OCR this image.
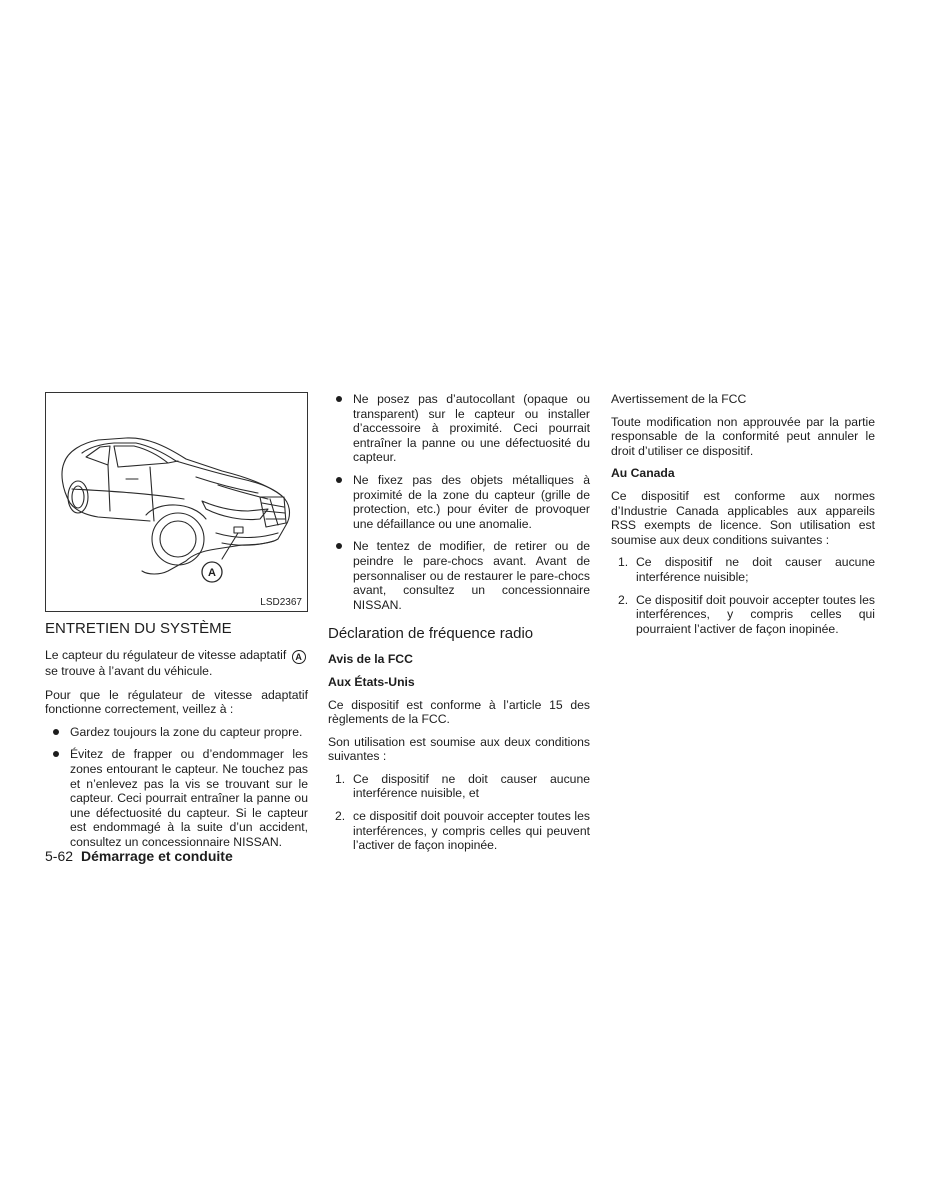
A
LSD2367

ENTRETIEN DU SYSTÈME

Le capteur du régulateur de vitesse adaptatif A
se trouve à l’avant du véhicule.

Pour que le régulateur de vitesse adaptatif fonctionne correctement, veillez à :

Gardez toujours la zone du capteur propre.
Évitez de frapper ou d’endommager les zones entourant le capteur. Ne touchez pas et n’enlevez pas la vis se trouvant sur le capteur. Ceci pourrait entraîner la panne ou une défectuosité du capteur. Si le capteur est endommagé à la suite d’un accident, consultez un concessionnaire NISSAN.
Ne posez pas d’autocollant (opaque ou transparent) sur le capteur ou installer d’accessoire à proximité. Ceci pourrait entraîner la panne ou une défectuosité du capteur.
Ne fixez pas des objets métalliques à proximité de la zone du capteur (grille de protection, etc.) pour éviter de provoquer une défaillance ou une anomalie.
Ne tentez de modifier, de retirer ou de peindre le pare-chocs avant. Avant de personnaliser ou de restaurer le pare-chocs avant, consultez un concessionnaire NISSAN.

Déclaration de fréquence radio

Avis de la FCC

Aux États-Unis

Ce dispositif est conforme à l’article 15 des règlements de la FCC.

Son utilisation est soumise aux deux conditions suivantes :

1. Ce dispositif ne doit causer aucune interférence nuisible, et
2. ce dispositif doit pouvoir accepter toutes les interférences, y compris celles qui peuvent l’activer de façon inopinée.

Avertissement de la FCC

Toute modification non approuvée par la partie responsable de la conformité peut annuler le droit d’utiliser ce dispositif.

Au Canada

Ce dispositif est conforme aux normes d’Industrie Canada applicables aux appareils RSS exempts de licence. Son utilisation est soumise aux deux conditions suivantes :

1. Ce dispositif ne doit causer aucune interférence nuisible;
2. Ce dispositif doit pouvoir accepter toutes les interférences, y compris celles qui pourraient l’activer de façon inopinée.
5-62 Démarrage et conduite
